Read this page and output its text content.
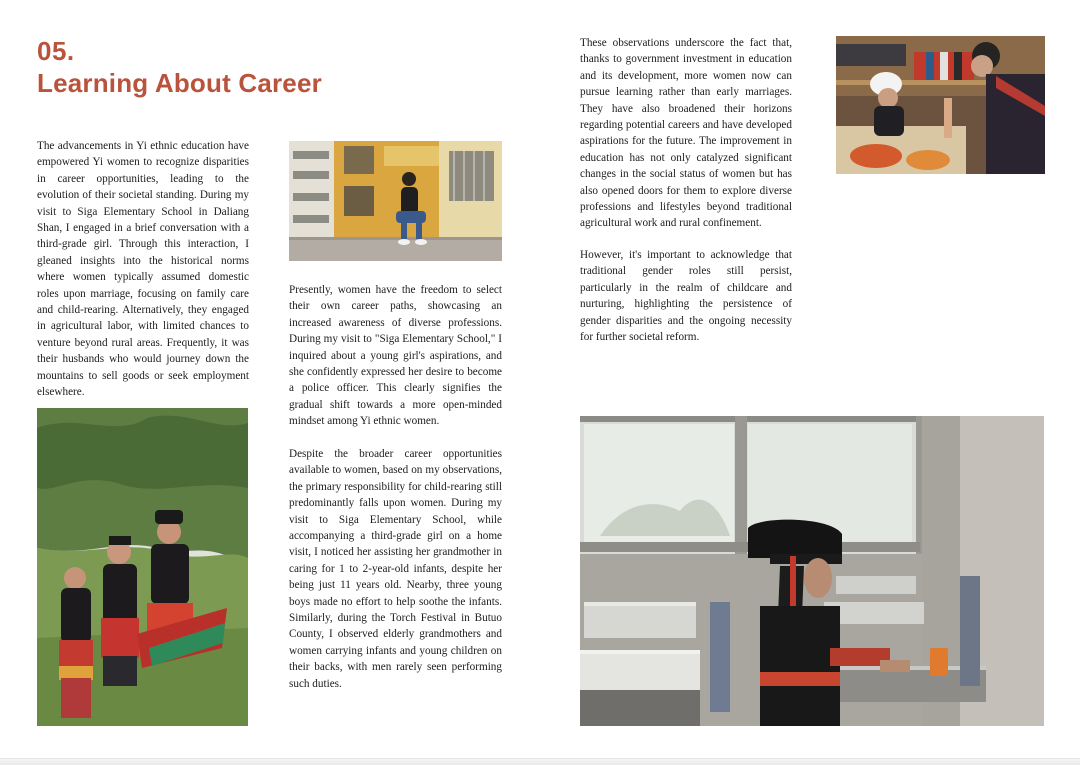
05.
Learning About Career

The advancements in Yi ethnic education have empowered Yi women to recognize disparities in career opportunities, leading to the evolution of their societal standing. During my visit to Siga Elementary School in Daliang Shan, I engaged in a brief conversation with a third-grade girl. Through this interaction, I gleaned insights into the historical norms where women typically assumed domestic roles upon marriage, focusing on family care and child-rearing. Alternatively, they engaged in agricultural labor, with limited chances to venture beyond rural areas. Frequently, it was their husbands who would journey down the mountains to sell goods or seek employment elsewhere.

Presently, women have the freedom to select their own career paths, showcasing an increased awareness of diverse professions. During my visit to "Siga Elementary School," I inquired about a young girl's aspirations, and she confidently expressed her desire to become a police officer. This clearly signifies the gradual shift towards a more open-minded mindset among Yi ethnic women.

Despite the broader career opportunities available to women, based on my observations, the primary responsibility for child-rearing still predominantly falls upon women. During my visit to Siga Elementary School, while accompanying a third-grade girl on a home visit, I noticed her assisting her grandmother in caring for 1 to 2-year-old infants, despite her being just 11 years old. Nearby, three young boys made no effort to help soothe the infants. Similarly, during the Torch Festival in Butuo County, I observed elderly grandmothers and women carrying infants and young children on their backs, with men rarely seen performing such duties.

These observations underscore the fact that, thanks to government investment in education and its development, more women now can pursue learning rather than early marriages. They have also broadened their horizons regarding potential careers and have developed aspirations for the future. The improvement in education has not only catalyzed significant changes in the social status of women but has also opened doors for them to explore diverse professions and lifestyles beyond traditional agricultural work and rural confinement.

However, it's important to acknowledge that traditional gender roles still persist, particularly in the realm of childcare and nurturing, highlighting the persistence of gender disparities and the ongoing necessity for further societal reform.
